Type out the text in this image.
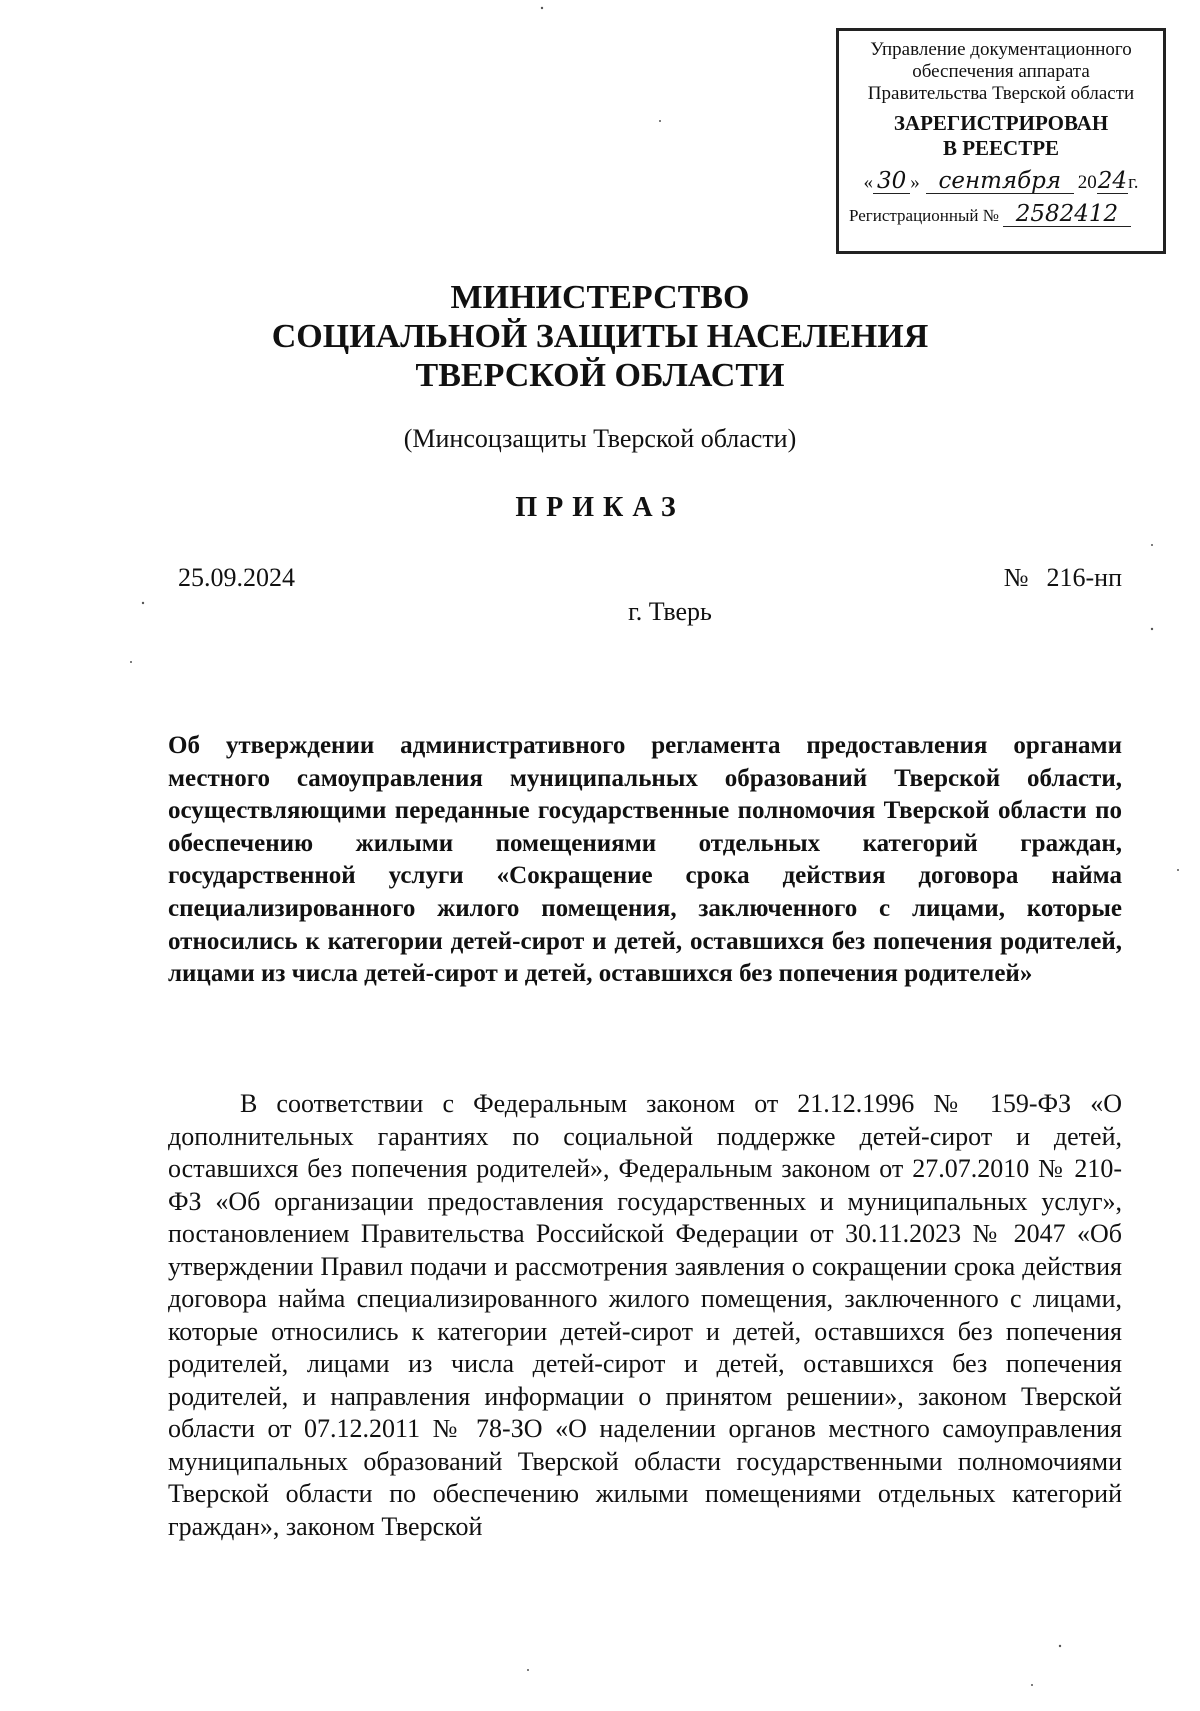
Управление документационного
обеспечения аппарата
Правительства Тверской области
ЗАРЕГИСТРИРОВАН
В РЕЕСТРЕ
« 30 » сентября 20 24 г.
Регистрационный № 2582412
МИНИСТЕРСТВО
СОЦИАЛЬНОЙ ЗАЩИТЫ НАСЕЛЕНИЯ
ТВЕРСКОЙ ОБЛАСТИ
(Минсоцзащиты Тверской области)
ПРИКАЗ
25.09.2024	№ 216-нп
г. Тверь

Об утверждении административного регламента предоставления органами местного самоуправления муниципальных образований Тверской области, осуществляющими переданные государственные полномочия Тверской области по обеспечению жилыми помещениями отдельных категорий граждан, государственной услуги «Сокращение срока действия договора найма специализированного жилого помещения, заключенного с лицами, которые относились к категории детей-сирот и детей, оставшихся без попечения родителей, лицами из числа детей-сирот и детей, оставшихся без попечения родителей»

В соответствии с Федеральным законом от 21.12.1996 № 159-ФЗ «О дополнительных гарантиях по социальной поддержке детей-сирот и детей, оставшихся без попечения родителей», Федеральным законом от 27.07.2010 № 210-ФЗ «Об организации предоставления государственных и муниципальных услуг», постановлением Правительства Российской Федерации от 30.11.2023 № 2047 «Об утверждении Правил подачи и рассмотрения заявления о сокращении срока действия договора найма специализированного жилого помещения, заключенного с лицами, которые относились к категории детей-сирот и детей, оставшихся без попечения родителей, лицами из числа детей-сирот и детей, оставшихся без попечения родителей, и направления информации о принятом решении», законом Тверской области от 07.12.2011 № 78-ЗО «О наделении органов местного самоуправления муниципальных образований Тверской области государственными полномочиями Тверской области по обеспечению жилыми помещениями отдельных категорий граждан», законом Тверской
